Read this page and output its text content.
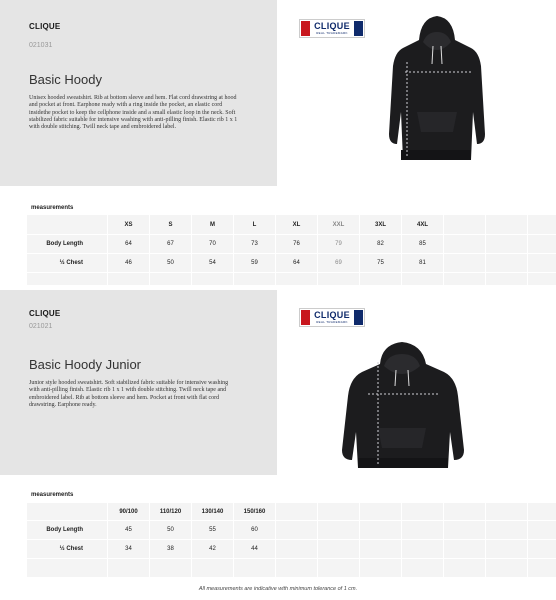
CLIQUE
021031
Basic Hoody
Unisex hooded sweatshirt. Rib at bottom sleeve and hem. Flat cord drawstring at hood and pocket at front. Earphone ready with a ring inside the pocket, an elastic cord insidethe pocket to keep the cellphone inside and a small elastic loop in the neck. Soft stabilized fabric suitable for intensive washing with anti-pilling finish. Elastic rib 1 x 1 with double stitching. Twill neck tape and embroidered label.
CLIQUE
REAL TRADEMARK
measurements
XS	S	M	L	XL	XXL	3XL	4XL
Body Length	64	67	70	73	76	79	82	85
½ Chest	46	50	54	59	64	69	75	81
CLIQUE
021021
Basic Hoody Junior
Junior style hooded sweatshirt. Soft stabilized fabric suitable for intensive washing with anti-pilling finish. Elastic rib 1 x 1 with double stitching. Twill neck tape and embroidered label. Rib at bottom sleeve and hem. Pocket at front with flat cord drawstring. Earphone ready.
CLIQUE
REAL TRADEMARK
measurements
90/100	110/120	130/140	150/160
Body Length	45	50	55	60
½ Chest	34	38	42	44
All measurements are indicative with minimum tolerance of 1 cm.
